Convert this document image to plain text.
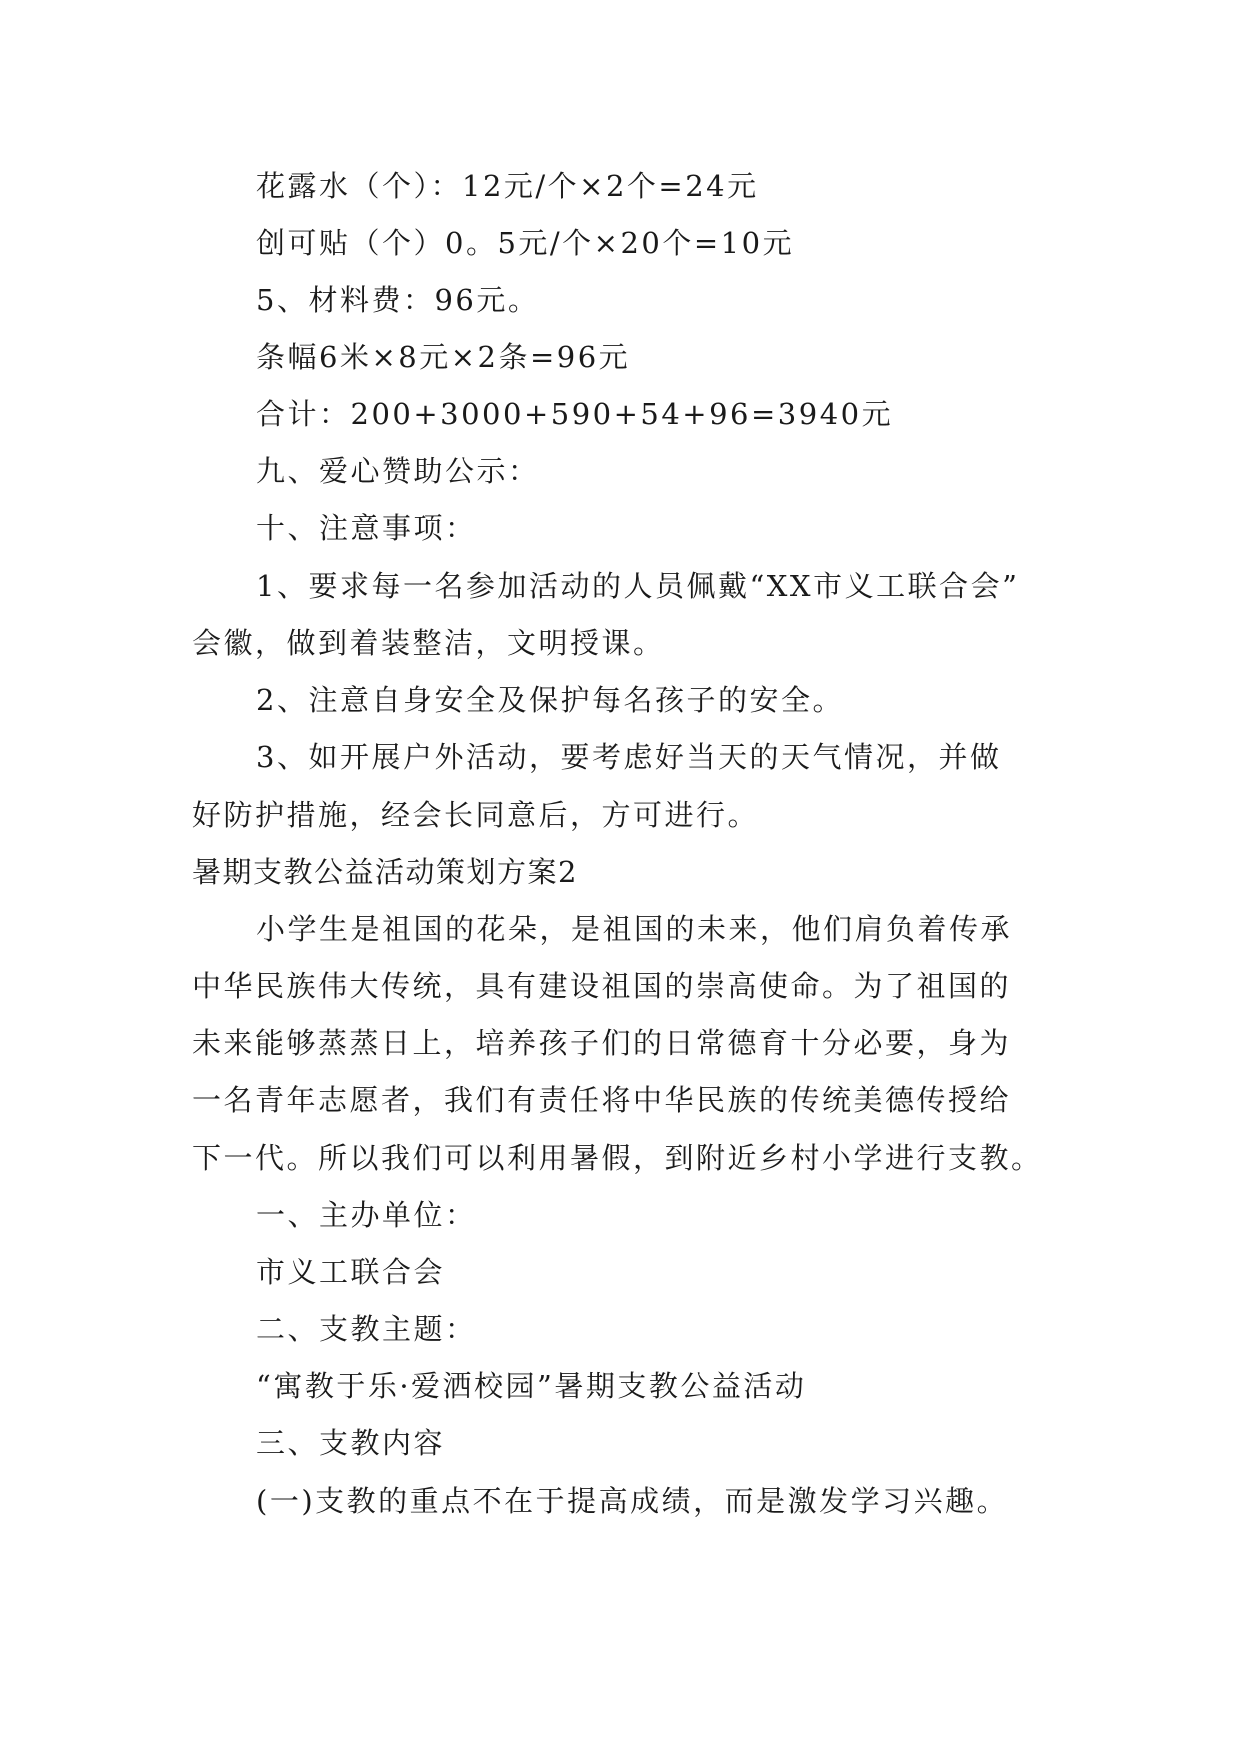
花露水（个）：12元/个×2个=24元
创可贴（个）0。5元/个×20个=10元
5、材料费：96元。
条幅6米×8元×2条=96元
合计：200+3000+590+54+96=3940元
九、爱心赞助公示：
十、注意事项：
1、要求每一名参加活动的人员佩戴“XX市义工联合会”
会徽，做到着装整洁，文明授课。
2、注意自身安全及保护每名孩子的安全。
3、如开展户外活动，要考虑好当天的天气情况，并做
好防护措施，经会长同意后，方可进行。
暑期支教公益活动策划方案2
小学生是祖国的花朵，是祖国的未来，他们肩负着传承
中华民族伟大传统，具有建设祖国的崇高使命。为了祖国的
未来能够蒸蒸日上，培养孩子们的日常德育十分必要，身为
一名青年志愿者，我们有责任将中华民族的传统美德传授给
下一代。所以我们可以利用暑假，到附近乡村小学进行支教。
一、主办单位：
市义工联合会
二、支教主题：
“寓教于乐·爱洒校园”暑期支教公益活动
三、支教内容
(一)支教的重点不在于提高成绩，而是激发学习兴趣。
